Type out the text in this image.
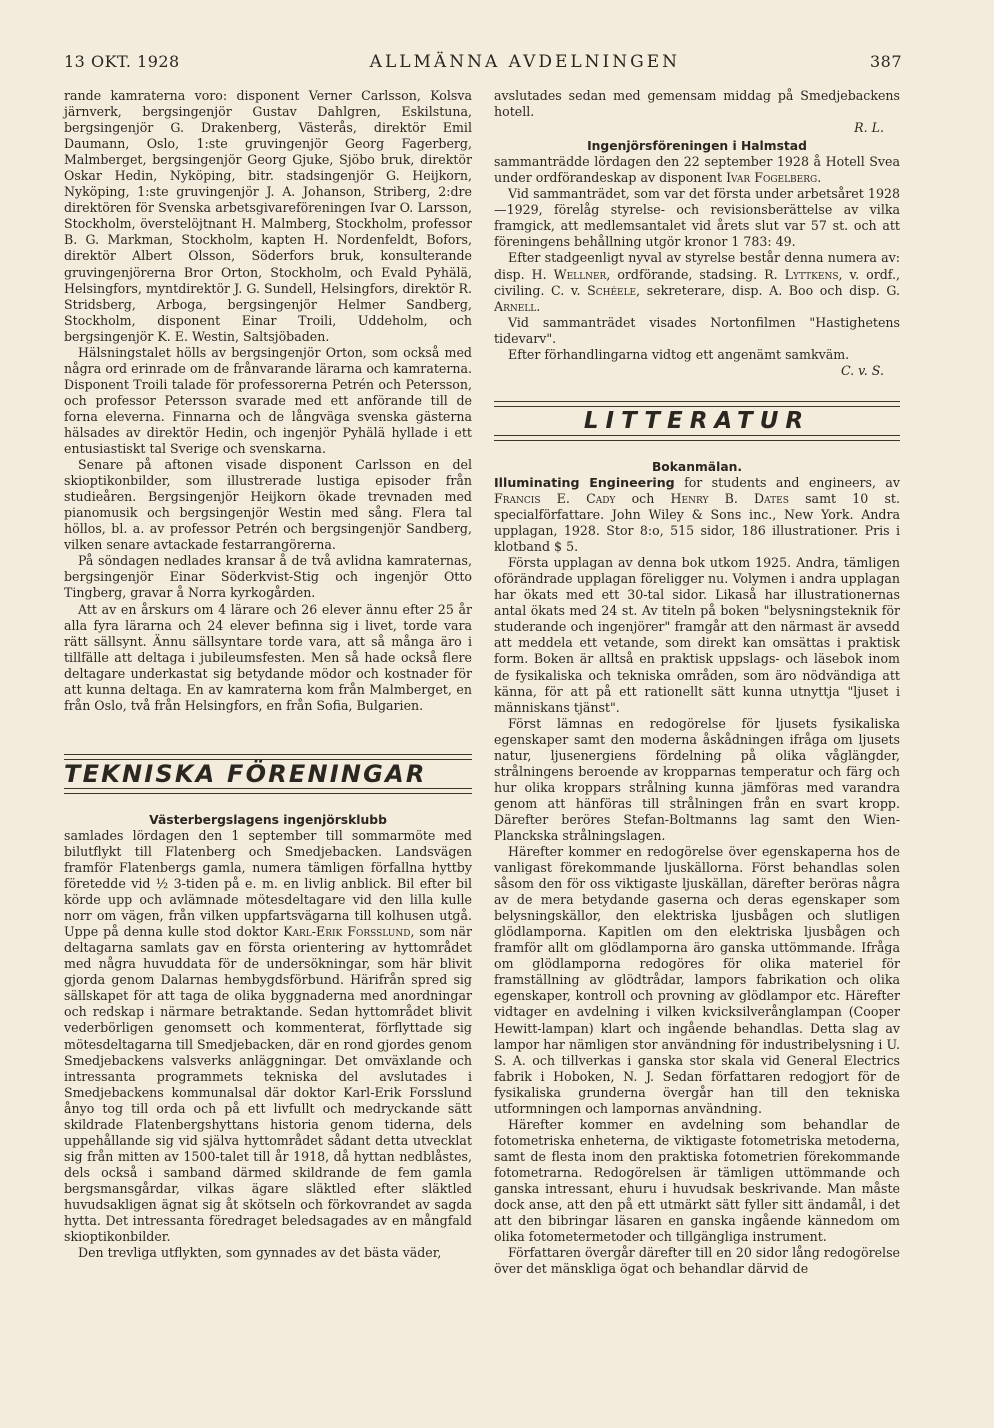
13 OKT. 1928	ALLMÄNNA AVDELNINGEN	387

rande kamraterna voro: disponent Verner Carlsson, Kolsva järnverk, bergsingenjör Gustav Dahlgren, Eskilstuna, bergsingenjör G. Drakenberg, Västerås, direktör Emil Daumann, Oslo, 1:ste gruvingenjör Georg Fagerberg, Malmberget, bergsingenjör Georg Gjuke, Sjöbo bruk, direktör Oskar Hedin, Nyköping, bitr. stadsingenjör G. Heijkorn, Nyköping, 1:ste gruvingenjör J. A. Johanson, Striberg, 2:dre direktören för Svenska arbetsgivareföreningen Ivar O. Larsson, Stockholm, överstelöjtnant H. Malmberg, Stockholm, professor B. G. Markman, Stockholm, kapten H. Nordenfeldt, Bofors, direktör Albert Olsson, Söderfors bruk, konsulterande gruvingenjörerna Bror Orton, Stockholm, och Evald Pyhälä, Helsingfors, myntdirektör J. G. Sundell, Helsingfors, direktör R. Stridsberg, Arboga, bergsingenjör Helmer Sandberg, Stockholm, disponent Einar Troili, Uddeholm, och bergsingenjör K. E. Westin, Saltsjöbaden.

Hälsningstalet hölls av bergsingenjör Orton, som också med några ord erinrade om de frånvarande lärarna och kamraterna. Disponent Troili talade för professorerna Petrén och Petersson, och professor Petersson svarade med ett anförande till de forna eleverna. Finnarna och de långväga svenska gästerna hälsades av direktör Hedin, och ingenjör Pyhälä hyllade i ett entusiastiskt tal Sverige och svenskarna.

Senare på aftonen visade disponent Carlsson en del skioptikonbilder, som illustrerade lustiga episoder från studieåren. Bergsingenjör Heijkorn ökade trevnaden med pianomusik och bergsingenjör Westin med sång. Flera tal höllos, bl. a. av professor Petrén och bergsingenjör Sandberg, vilken senare avtackade festarrangörerna.

På söndagen nedlades kransar å de två avlidna kamraternas, bergsingenjör Einar Söderkvist-Stig och ingenjör Otto Tingberg, gravar å Norra kyrkogården.

Att av en årskurs om 4 lärare och 26 elever ännu efter 25 år alla fyra lärarna och 24 elever befinna sig i livet, torde vara rätt sällsynt. Ännu sällsyntare torde vara, att så många äro i tillfälle att deltaga i jubileumsfesten. Men så hade också flere deltagare underkastat sig betydande mödor och kostnader för att kunna deltaga. En av kamraterna kom från Malmberget, en från Oslo, två från Helsingfors, en från Sofia, Bulgarien.

TEKNISKA FÖRENINGAR

Västerbergslagens ingenjörsklubb

samlades lördagen den 1 september till sommarmöte med bilutflykt till Flatenberg och Smedjebacken. Landsvägen framför Flatenbergs gamla, numera tämligen förfallna hyttby företedde vid ½ 3-tiden på e. m. en livlig anblick. Bil efter bil körde upp och avlämnade mötesdeltagare vid den lilla kulle norr om vägen, från vilken uppfartsvägarna till kolhusen utgå. Uppe på denna kulle stod doktor Karl-Erik Forsslund, som när deltagarna samlats gav en första orientering av hyttområdet med några huvuddata för de undersökningar, som här blivit gjorda genom Dalarnas hembygdsförbund. Härifrån spred sig sällskapet för att taga de olika byggnaderna med anordningar och redskap i närmare betraktande. Sedan hyttområdet blivit vederbörligen genomsett och kommenterat, förflyttade sig mötesdeltagarna till Smedjebacken, där en rond gjordes genom Smedjebackens valsverks anläggningar. Det omväxlande och intressanta programmets tekniska del avslutades i Smedjebackens kommunalsal där doktor Karl-Erik Forsslund ånyo tog till orda och på ett livfullt och medryckande sätt skildrade Flatenbergshyttans historia genom tiderna, dels uppehållande sig vid själva hyttområdet sådant detta utvecklat sig från mitten av 1500-talet till år 1918, då hyttan nedblåstes, dels också i samband därmed skildrande de fem gamla bergsmansgårdar, vilkas ägare släktled efter släktled huvudsakligen ägnat sig åt skötseln och förkovrandet av sagda hytta. Det intressanta föredraget beledsagades av en mångfald skioptikonbilder.

Den trevliga utflykten, som gynnades av det bästa väder,

avslutades sedan med gemensam middag på Smedjebackens hotell.

R. L.

Ingenjörsföreningen i Halmstad

sammanträdde lördagen den 22 september 1928 å Hotell Svea under ordförandeskap av disponent Ivar Fogelberg.

Vid sammanträdet, som var det första under arbetsåret 1928—1929, förelåg styrelse- och revisionsberättelse av vilka framgick, att medlemsantalet vid årets slut var 57 st. och att föreningens behållning utgör kronor 1 783: 49.

Efter stadgeenligt nyval av styrelse består denna numera av: disp. H. Wellner, ordförande, stadsing. R. Lyttkens, v. ordf., civiling. C. v. Schéele, sekreterare, disp. A. Boo och disp. G. Arnell.

Vid sammanträdet visades Nortonfilmen "Hastighetens tidevarv".

Efter förhandlingarna vidtog ett angenämt samkväm.

C. v. S.

LITTERATUR

Bokanmälan.

Illuminating Engineering for students and engineers, av Francis E. Cady och Henry B. Dates samt 10 st. specialförfattare. John Wiley & Sons inc., New York. Andra upplagan, 1928. Stor 8:o, 515 sidor, 186 illustrationer. Pris i klotband $ 5.

Första upplagan av denna bok utkom 1925. Andra, tämligen oförändrade upplagan föreligger nu. Volymen i andra upplagan har ökats med ett 30-tal sidor. Likaså har illustrationernas antal ökats med 24 st. Av titeln på boken "belysningsteknik för studerande och ingenjörer" framgår att den närmast är avsedd att meddela ett vetande, som direkt kan omsättas i praktisk form. Boken är alltså en praktisk uppslags- och läsebok inom de fysikaliska och tekniska områden, som äro nödvändiga att känna, för att på ett rationellt sätt kunna utnyttja "ljuset i människans tjänst".

Först lämnas en redogörelse för ljusets fysikaliska egenskaper samt den moderna åskådningen ifråga om ljusets natur, ljusenergiens fördelning på olika våglängder, strålningens beroende av kropparnas temperatur och färg och hur olika kroppars strålning kunna jämföras med varandra genom att hänföras till strålningen från en svart kropp. Därefter beröres Stefan-Boltmanns lag samt den Wien-Planckska strålningslagen.

Härefter kommer en redogörelse över egenskaperna hos de vanligast förekommande ljuskällorna. Först behandlas solen såsom den för oss viktigaste ljuskällan, därefter beröras några av de mera betydande gaserna och deras egenskaper som belysningskällor, den elektriska ljusbågen och slutligen glödlamporna. Kapitlen om den elektriska ljusbågen och framför allt om glödlamporna äro ganska uttömmande. Ifråga om glödlamporna redogöres för olika materiel för framställning av glödtrådar, lampors fabrikation och olika egenskaper, kontroll och provning av glödlampor etc. Härefter vidtager en avdelning i vilken kvicksilverånglampan (Cooper Hewitt-lampan) klart och ingående behandlas. Detta slag av lampor har nämligen stor användning för industribelysning i U. S. A. och tillverkas i ganska stor skala vid General Electrics fabrik i Hoboken, N. J. Sedan författaren redogjort för de fysikaliska grunderna övergår han till den tekniska utformningen och lampornas användning.

Härefter kommer en avdelning som behandlar de fotometriska enheterna, de viktigaste fotometriska metoderna, samt de flesta inom den praktiska fotometrien förekommande fotometrarna. Redogörelsen är tämligen uttömmande och ganska intressant, ehuru i huvudsak beskrivande. Man måste dock anse, att den på ett utmärkt sätt fyller sitt ändamål, i det att den bibringar läsaren en ganska ingående kännedom om olika fotometermetoder och tillgängliga instrument.

Författaren övergår därefter till en 20 sidor lång redogörelse över det mänskliga ögat och behandlar därvid de
